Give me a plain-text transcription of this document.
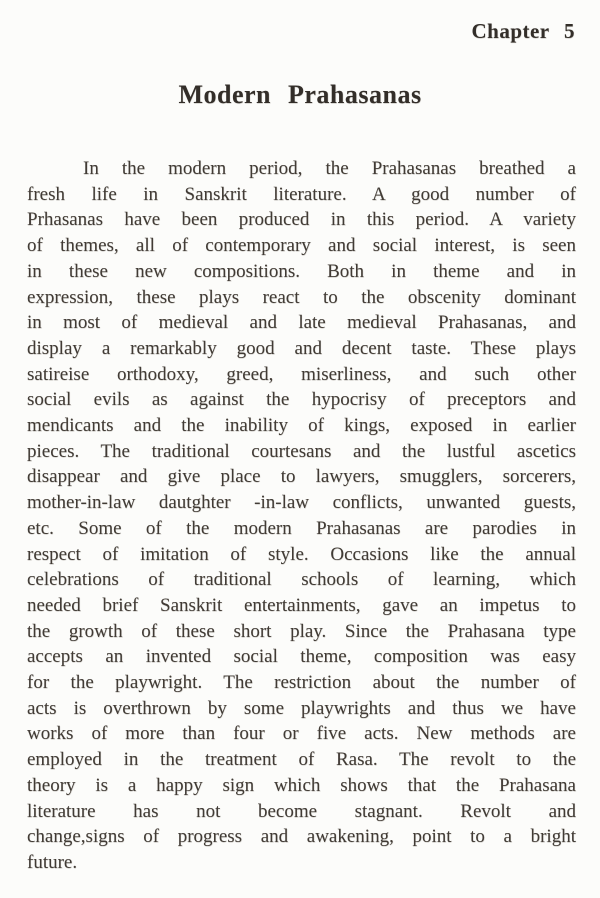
Chapter 5
Modern Prahasanas
In the modern period, the Prahasanas breathed a
fresh life in Sanskrit literature. A good number of
Prhasanas have been produced in this period. A variety
of themes, all of contemporary and social interest, is seen
in these new compositions. Both in theme and in
expression, these plays react to the obscenity dominant
in most of medieval and late medieval Prahasanas, and
display a remarkably good and decent taste. These plays
satireise orthodoxy, greed, miserliness, and such other
social evils as against the hypocrisy of preceptors and
mendicants and the inability of kings, exposed in earlier
pieces. The traditional courtesans and the lustful ascetics
disappear and give place to lawyers, smugglers, sorcerers,
mother-in-law dautghter -in-law conflicts, unwanted guests,
etc. Some of the modern Prahasanas are parodies in
respect of imitation of style. Occasions like the annual
celebrations of traditional schools of learning, which
needed brief Sanskrit entertainments, gave an impetus to
the growth of these short play. Since the Prahasana type
accepts an invented social theme, composition was easy
for the playwright. The restriction about the number of
acts is overthrown by some playwrights and thus we have
works of more than four or five acts. New methods are
employed in the treatment of Rasa. The revolt to the
theory is a happy sign which shows that the Prahasana
literature has not become stagnant. Revolt and
change,signs of progress and awakening, point to a bright
future.
